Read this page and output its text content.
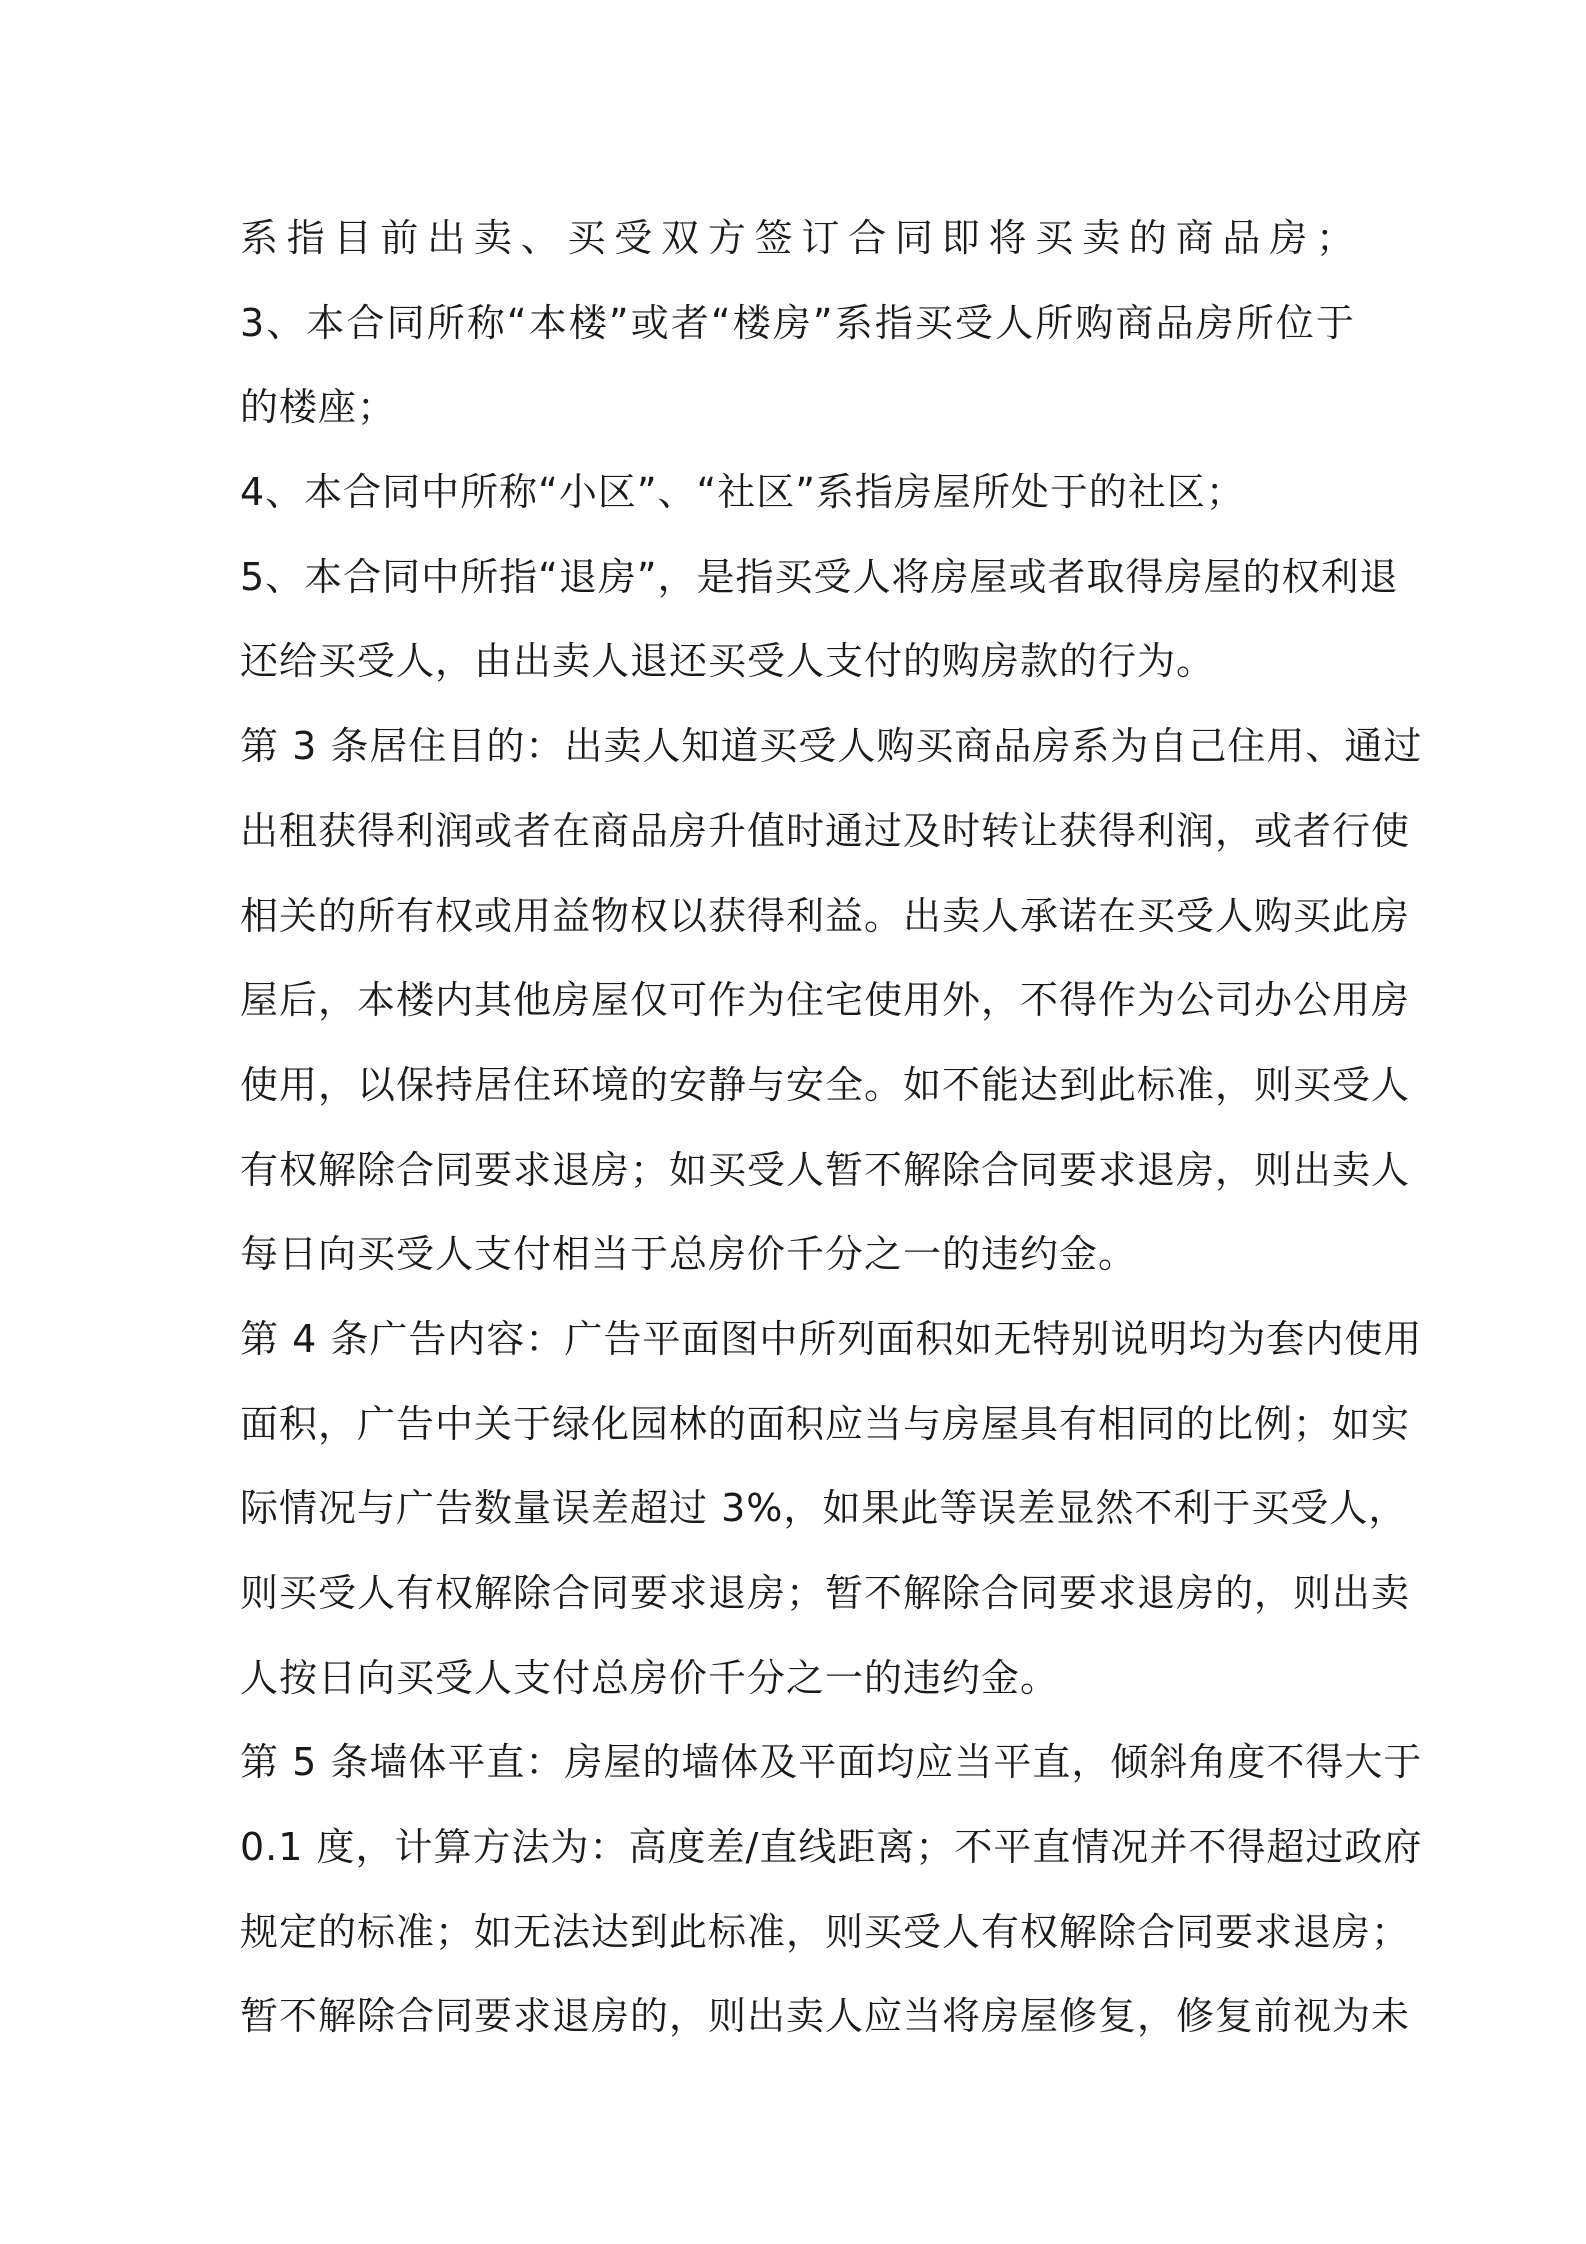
系指目前出卖、买受双方签订合同即将买卖的商品房；
3、本合同所称“本楼”或者“楼房”系指买受人所购商品房所位于
的楼座；
4、本合同中所称“小区”、“社区”系指房屋所处于的社区；
5、本合同中所指“退房”，是指买受人将房屋或者取得房屋的权利退
还给买受人，由出卖人退还买受人支付的购房款的行为。
第 3 条居住目的：出卖人知道买受人购买商品房系为自己住用、通过
出租获得利润或者在商品房升值时通过及时转让获得利润，或者行使
相关的所有权或用益物权以获得利益。出卖人承诺在买受人购买此房
屋后，本楼内其他房屋仅可作为住宅使用外，不得作为公司办公用房
使用，以保持居住环境的安静与安全。如不能达到此标准，则买受人
有权解除合同要求退房；如买受人暂不解除合同要求退房，则出卖人
每日向买受人支付相当于总房价千分之一的违约金。
第 4 条广告内容：广告平面图中所列面积如无特别说明均为套内使用
面积，广告中关于绿化园林的面积应当与房屋具有相同的比例；如实
际情况与广告数量误差超过 3%，如果此等误差显然不利于买受人，
则买受人有权解除合同要求退房；暂不解除合同要求退房的，则出卖
人按日向买受人支付总房价千分之一的违约金。
第 5 条墙体平直：房屋的墙体及平面均应当平直，倾斜角度不得大于
0.1 度，计算方法为：高度差/直线距离；不平直情况并不得超过政府
规定的标准；如无法达到此标准，则买受人有权解除合同要求退房；
暂不解除合同要求退房的，则出卖人应当将房屋修复，修复前视为未
